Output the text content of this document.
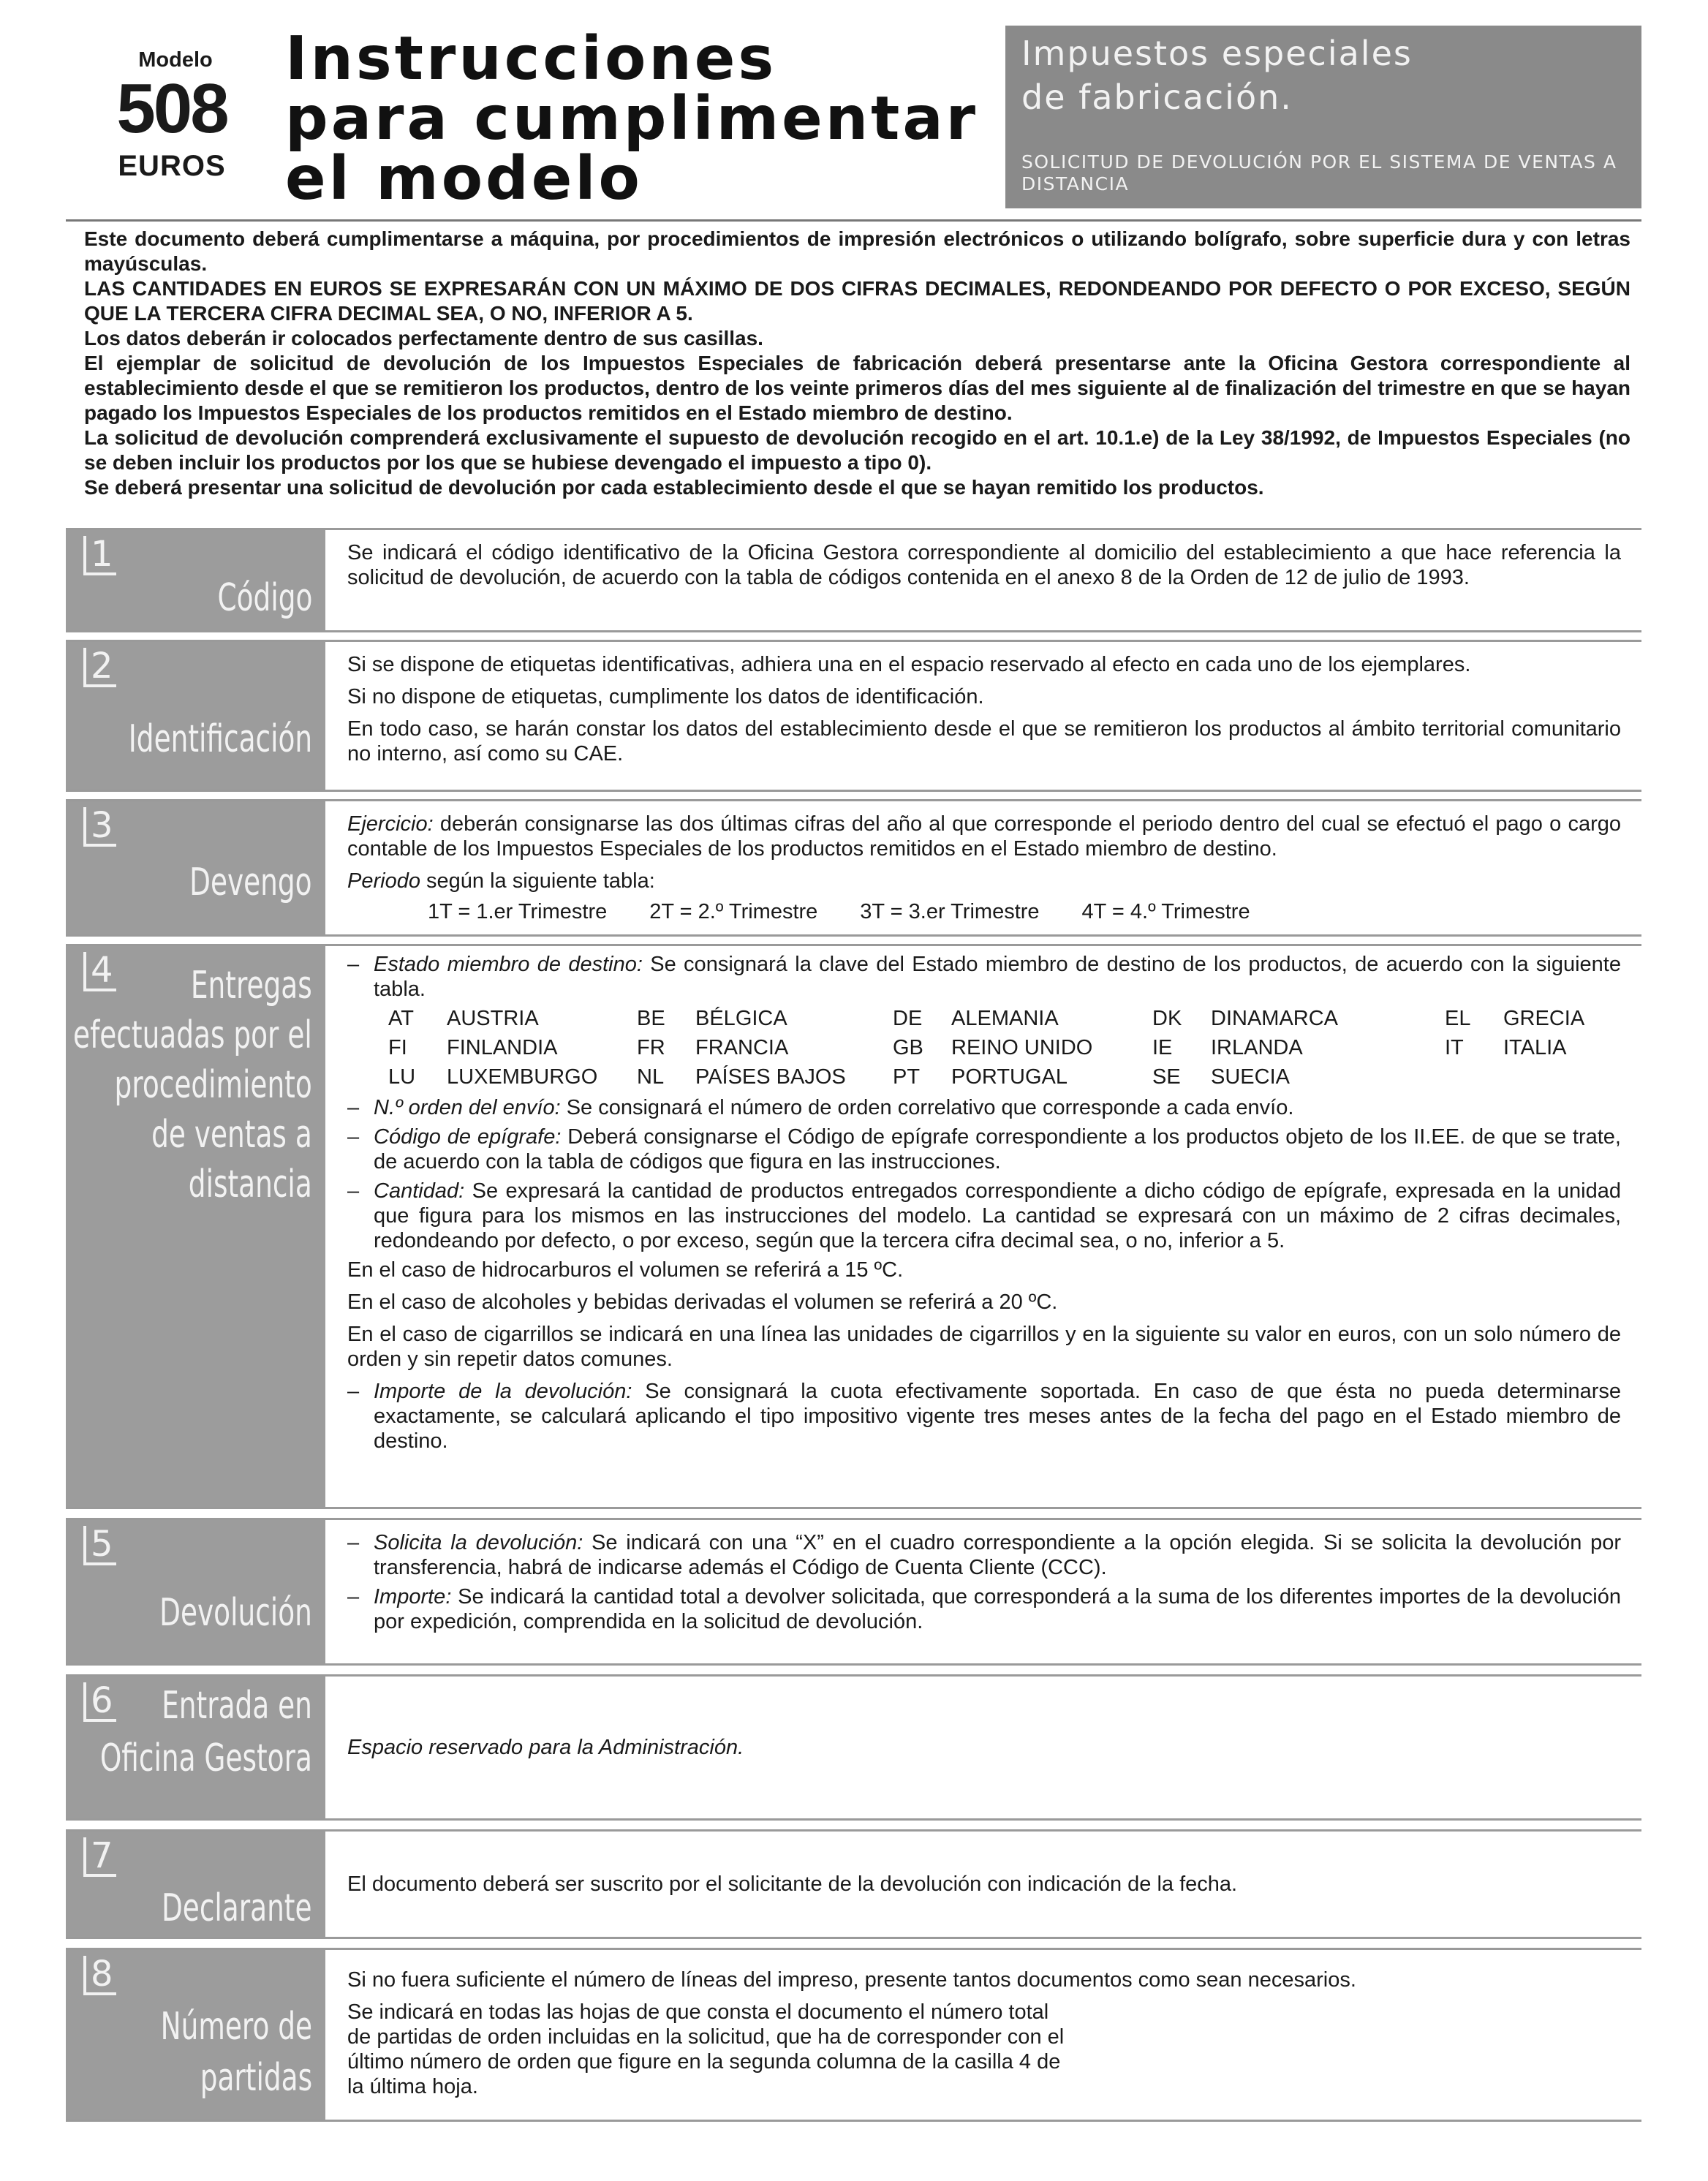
Modelo
508
EUROS
Instrucciones
para cumplimentar
el modelo
Impuestos especiales
de fabricación.
SOLICITUD DE DEVOLUCIÓN POR EL SISTEMA DE VENTAS A DISTANCIA

Este documento deberá cumplimentarse a máquina, por procedimientos de impresión electrónicos o utilizando bolígrafo, sobre superficie dura y con letras mayúsculas.

LAS CANTIDADES EN EUROS SE EXPRESARÁN CON UN MÁXIMO DE DOS CIFRAS DECIMALES, REDONDEANDO POR DEFECTO O POR EXCESO, SEGÚN QUE LA TERCERA CIFRA DECIMAL SEA, O NO, INFERIOR A 5.

Los datos deberán ir colocados perfectamente dentro de sus casillas.

El ejemplar de solicitud de devolución de los Impuestos Especiales de fabricación deberá presentarse ante la Oficina Gestora correspondiente al establecimiento desde el que se remitieron los productos, dentro de los veinte primeros días del mes siguiente al de finalización del trimestre en que se hayan pagado los Impuestos Especiales de los productos remitidos en el Estado miembro de destino.

La solicitud de devolución comprenderá exclusivamente el supuesto de devolución recogido en el art. 10.1.e) de la Ley 38/1992, de Impuestos Especiales (no se deben incluir los productos por los que se hubiese devengado el impuesto a tipo 0).

Se deberá presentar una solicitud de devolución por cada establecimiento desde el que se hayan remitido los productos.

1
Código

Se indicará el código identificativo de la Oficina Gestora correspondiente al domicilio del establecimiento a que hace referencia la solicitud de devolución, de acuerdo con la tabla de códigos contenida en el anexo 8 de la Orden de 12 de julio de 1993.

2
Identificación

Si se dispone de etiquetas identificativas, adhiera una en el espacio reservado al efecto en cada uno de los ejemplares.

Si no dispone de etiquetas, cumplimente los datos de identificación.

En todo caso, se harán constar los datos del establecimiento desde el que se remitieron los productos al ámbito territorial comunitario no interno, así como su CAE.

3
Devengo

Ejercicio: deberán consignarse las dos últimas cifras del año al que corresponde el periodo dentro del cual se efectuó el pago o cargo contable de los Impuestos Especiales de los productos remitidos en el Estado miembro de destino.

Periodo según la siguiente tabla:

1T = 1.er Trimestre 2T = 2.º Trimestre 3T = 3.er Trimestre 4T = 4.º Trimestre
4	Entregas
efectuadas por el
procedimiento
de ventas a
distancia
– Estado miembro de destino: Se consignará la clave del Estado miembro de destino de los productos, de acuerdo con la siguiente tabla.
AT	AUSTRIA	BE	BÉLGICA	DE	ALEMANIA	DK	DINAMARCA	EL	GRECIA
FI	FINLANDIA	FR	FRANCIA	GB	REINO UNIDO	IE	IRLANDA	IT	ITALIA
LU	LUXEMBURGO	NL	PAÍSES BAJOS	PT	PORTUGAL	SE	SUECIA
– N.º orden del envío: Se consignará el número de orden correlativo que corresponde a cada envío.
– Código de epígrafe: Deberá consignarse el Código de epígrafe correspondiente a los productos objeto de los II.EE. de que se trate, de acuerdo con la tabla de códigos que figura en las instrucciones.
– Cantidad: Se expresará la cantidad de productos entregados correspondiente a dicho código de epígrafe, expresada en la unidad que figura para los mismos en las instrucciones del modelo. La cantidad se expresará con un máximo de 2 cifras decimales, redondeando por defecto, o por exceso, según que la tercera cifra decimal sea, o no, inferior a 5.

En el caso de hidrocarburos el volumen se referirá a 15 ºC.

En el caso de alcoholes y bebidas derivadas el volumen se referirá a 20 ºC.

En el caso de cigarrillos se indicará en una línea las unidades de cigarrillos y en la siguiente su valor en euros, con un solo número de orden y sin repetir datos comunes.

– Importe de la devolución: Se consignará la cuota efectivamente soportada. En caso de que ésta no pueda determinarse exactamente, se calculará aplicando el tipo impositivo vigente tres meses antes de la fecha del pago en el Estado miembro de destino.
5
Devolución
– Solicita la devolución: Se indicará con una “X” en el cuadro correspondiente a la opción elegida. Si se solicita la devolución por transferencia, habrá de indicarse además el Código de Cuenta Cliente (CCC).
– Importe: Se indicará la cantidad total a devolver solicitada, que corresponderá a la suma de los diferentes importes de la devolución por expedición, comprendida en la solicitud de devolución.
6	Entrada en
Oficina Gestora Espacio reservado para la Administración.
7
Declarante
El documento deberá ser suscrito por el solicitante de la devolución con indicación de la fecha.
8
Número de
partidas

Si no fuera suficiente el número de líneas del impreso, presente tantos documentos como sean necesarios.

Se indicará en todas las hojas de que consta el documento el número total
de partidas de orden incluidas en la solicitud, que ha de corresponder con el
último número de orden que figure en la segunda columna de la casilla 4 de
la última hoja.
